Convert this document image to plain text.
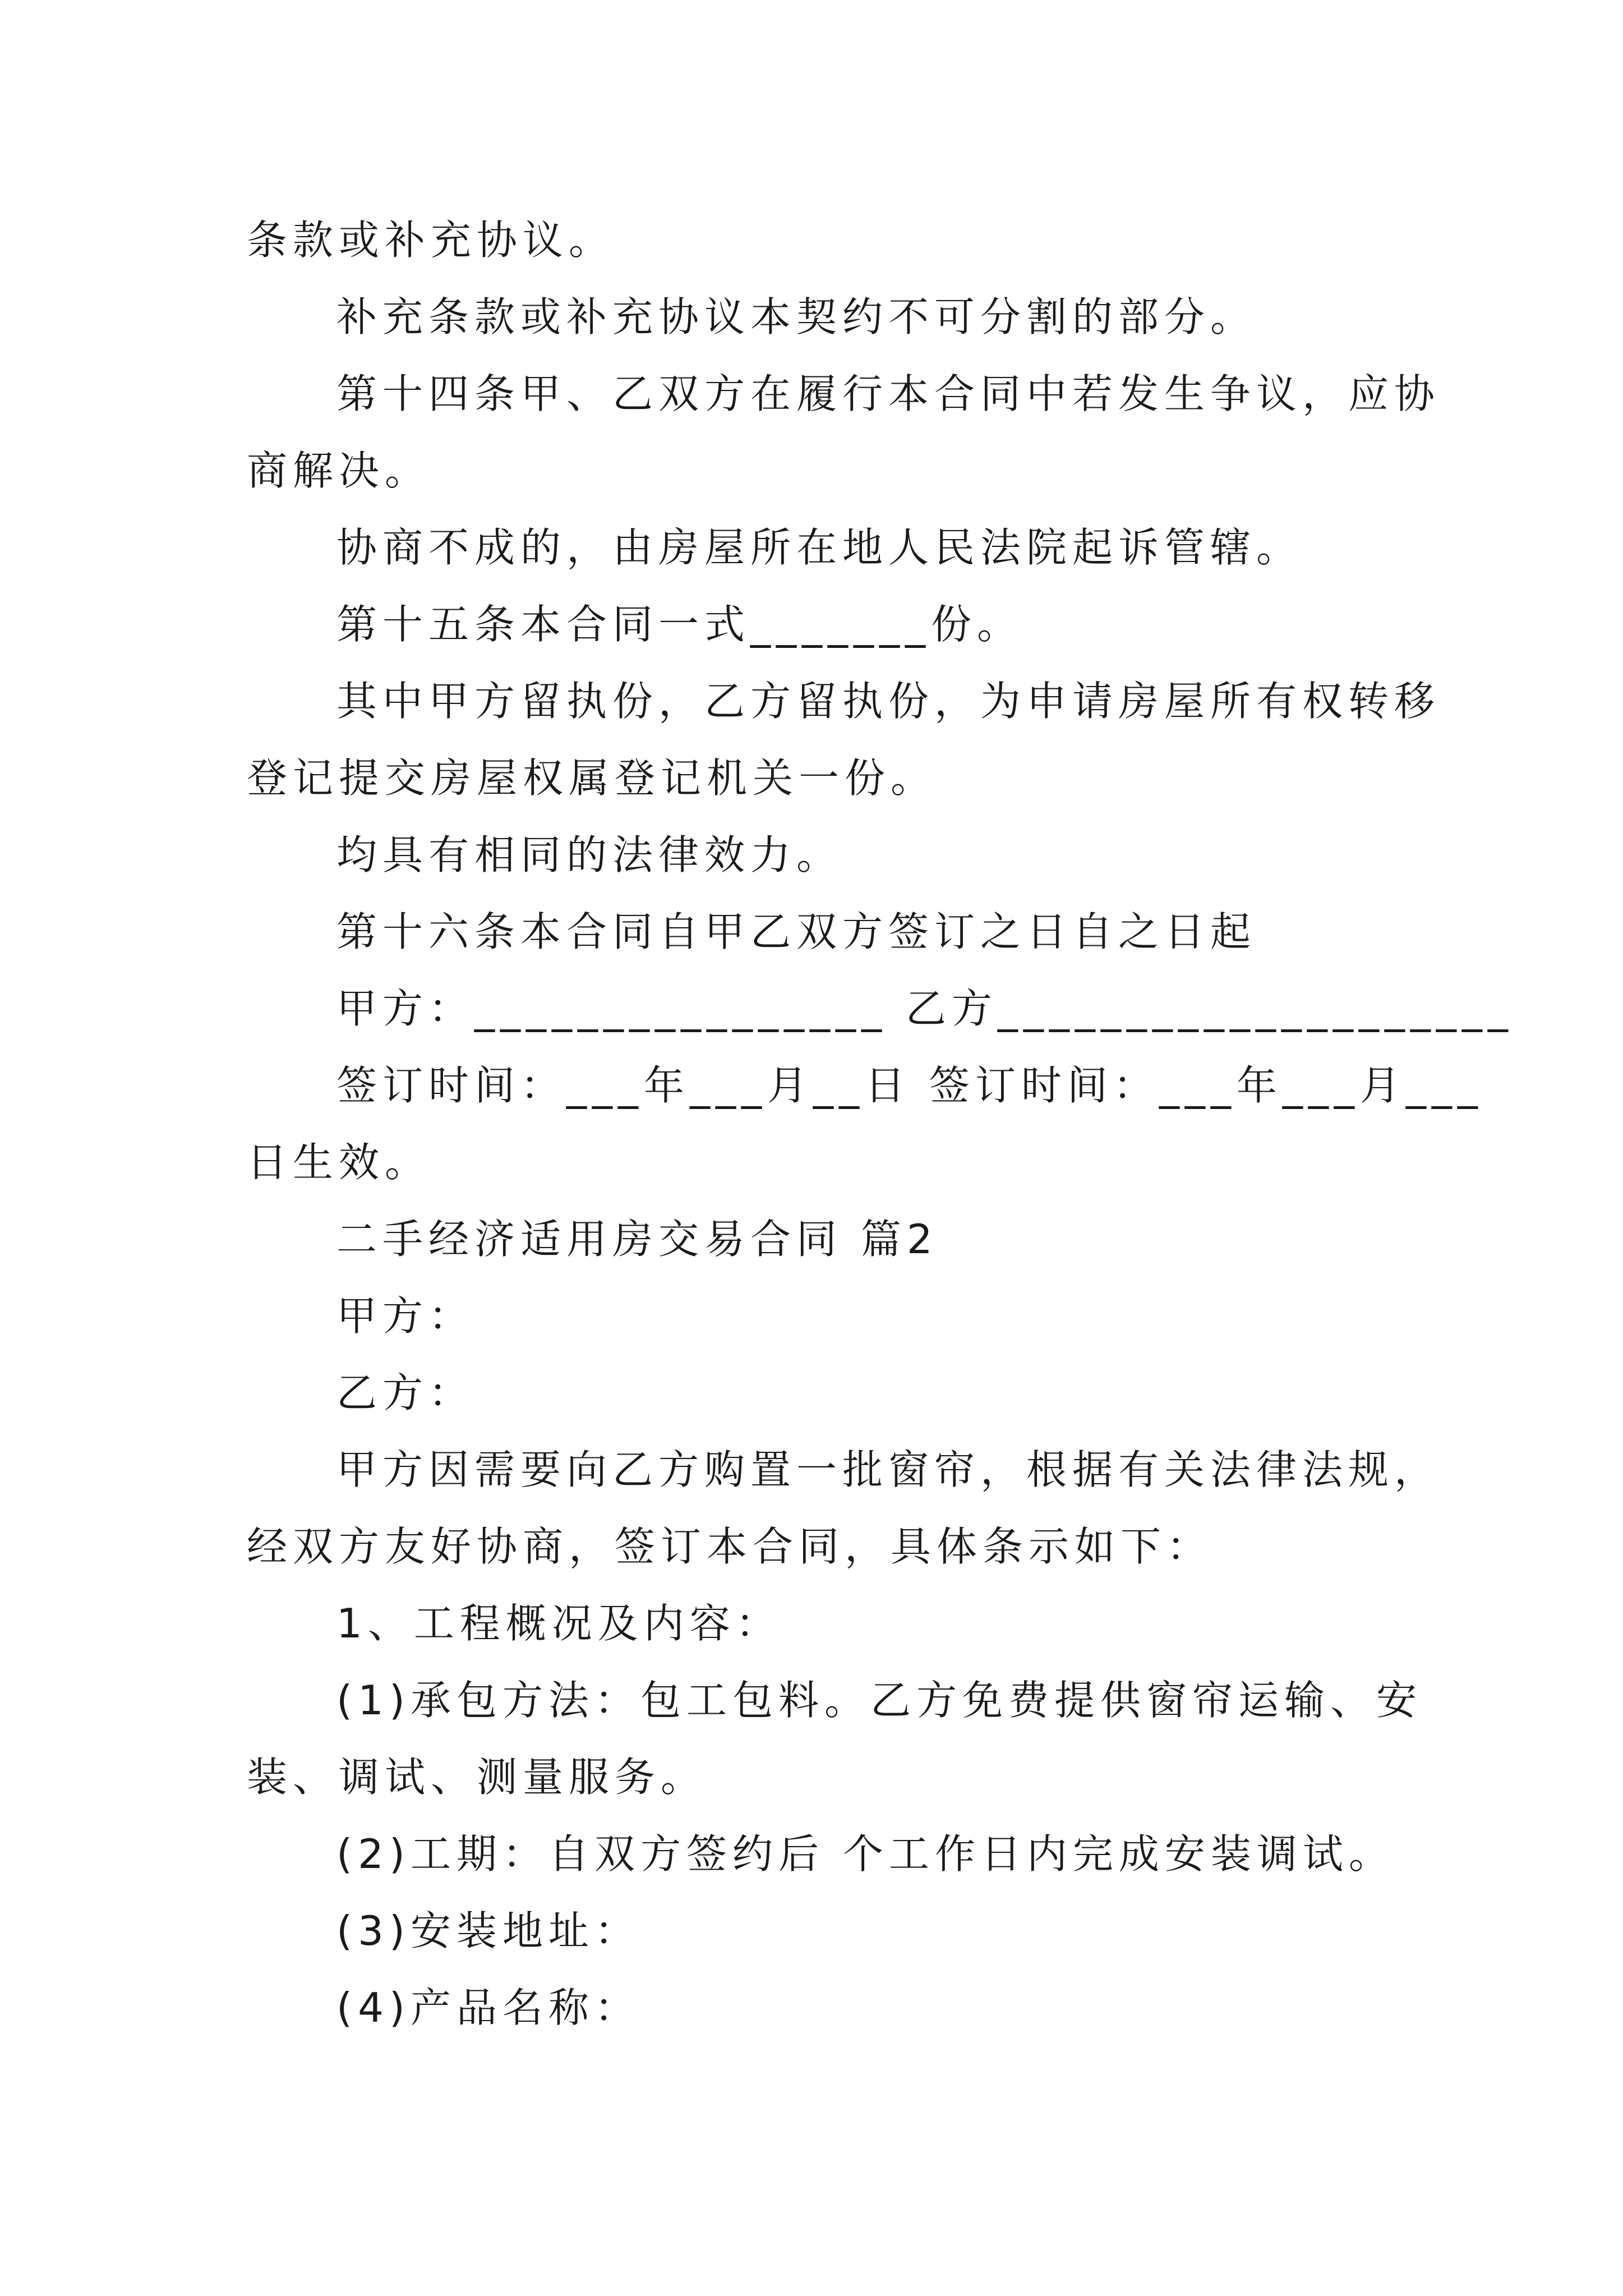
条款或补充协议。
补充条款或补充协议本契约不可分割的部分。
第十四条甲、乙双方在履行本合同中若发生争议，应协
商解决。
协商不成的，由房屋所在地人民法院起诉管辖。
第十五条本合同一式_______份。
其中甲方留执份，乙方留执份，为申请房屋所有权转移
登记提交房屋权属登记机关一份。
均具有相同的法律效力。
第十六条本合同自甲乙双方签订之日自之日起
甲方：________________ 乙方____________________
签订时间：___年___月__日 签订时间：___年___月___
日生效。
二手经济适用房交易合同 篇2
甲方：
乙方：
甲方因需要向乙方购置一批窗帘，根据有关法律法规，
经双方友好协商，签订本合同，具体条示如下：
1、工程概况及内容：
(1)承包方法：包工包料。乙方免费提供窗帘运输、安
装、调试、测量服务。
(2)工期：自双方签约后 个工作日内完成安装调试。
(3)安装地址：
(4)产品名称：
